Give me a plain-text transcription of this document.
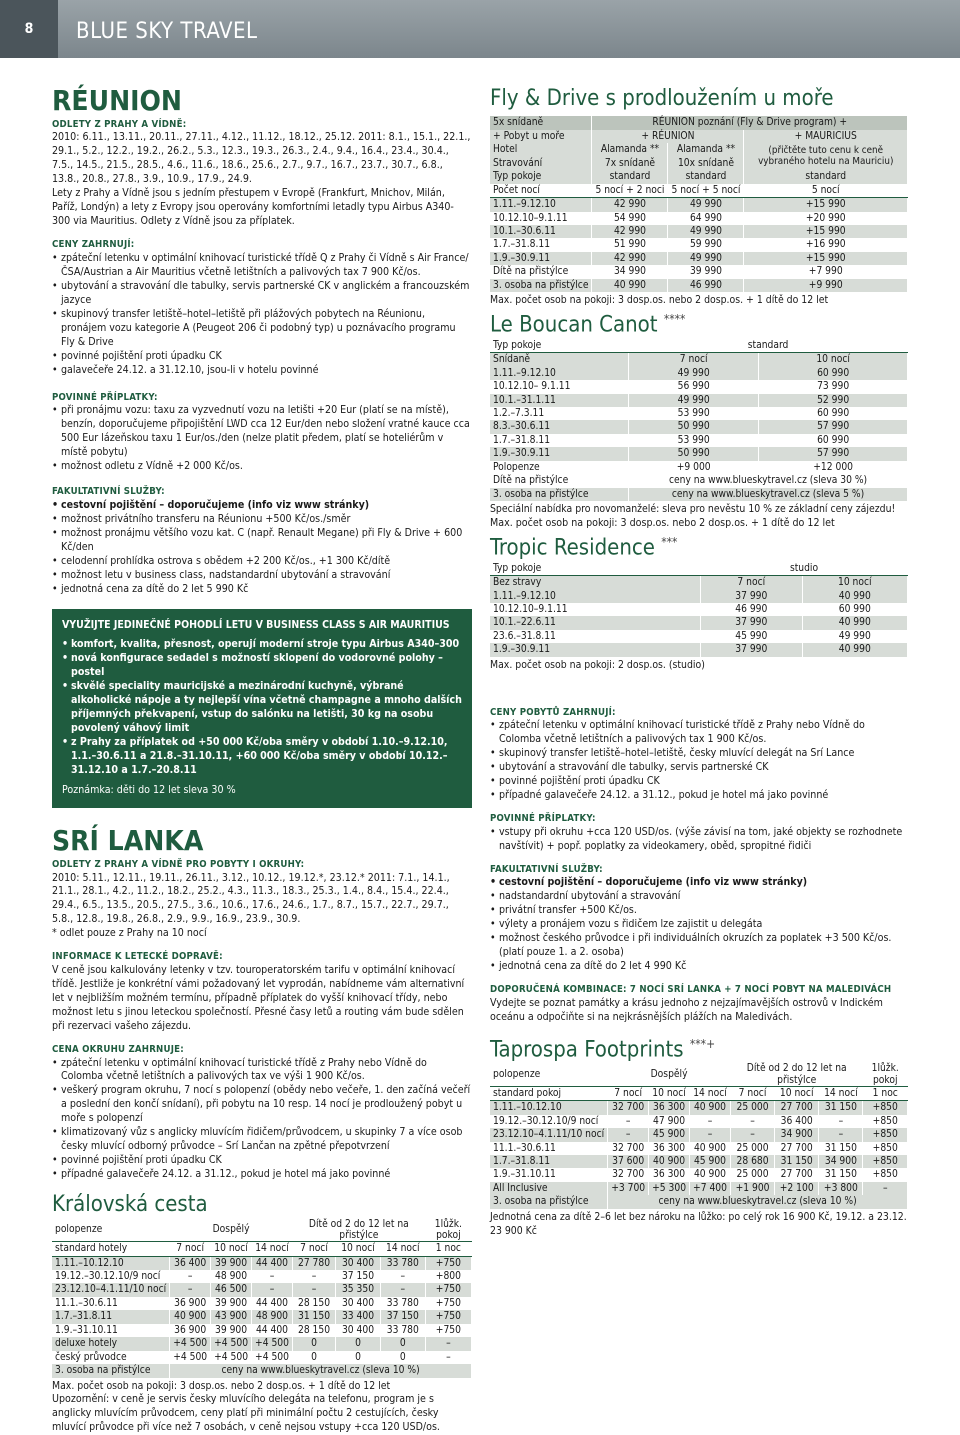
8	BLUE SKY TRAVEL
RÉUNION
ODLETY Z PRAHY A VÍDNĚ:

2010: 6.11., 13.11., 20.11., 27.11., 4.12., 11.12., 18.12., 25.12. 2011: 8.1., 15.1., 22.1., 29.1., 5.2., 12.2., 19.2., 26.2., 5.3., 12.3., 19.3., 26.3., 2.4., 9.4., 16.4., 23.4., 30.4., 7.5., 14.5., 21.5., 28.5., 4.6., 11.6., 18.6., 25.6., 2.7., 9.7., 16.7., 23.7., 30.7., 6.8., 13.8., 20.8., 27.8., 3.9., 10.9., 17.9., 24.9.

Lety z Prahy a Vídně jsou s jedním přestupem v Evropě (Frankfurt, Mnichov, Milán, Paříž, Londýn) a lety z Evropy jsou operovány komfortními letadly typu Airbus A340-300 via Mauritius. Odlety z Vídně jsou za příplatek.

CENY ZAHRNUJÍ:
• zpáteční letenku v optimální knihovací turistické třídě Q z Prahy či Vídně s Air France/ČSA/Austrian a Air Mauritius včetně letištních a palivových tax 7 900 Kč/os.
• ubytování a stravování dle tabulky, servis partnerské CK v anglickém a francouzském jazyce
• skupinový transfer letiště–hotel–letiště při plážových pobytech na Réunionu, pronájem vozu kategorie A (Peugeot 206 či podobný typ) u poznávacího programu Fly & Drive
• povinné pojištění proti úpadku CK
• galavečeře 24.12. a 31.12.10, jsou-li v hotelu povinné
POVINNÉ PŘÍPLATKY:
• při pronájmu vozu: taxu za vyzvednutí vozu na letišti +20 Eur (platí se na místě), benzín, doporučujeme připojištění LWD cca 12 Eur/den nebo složení vratné kauce cca 500 Eur lázeňskou taxu 1 Eur/os./den (nelze platit předem, platí se hoteliérům v místě pobytu)
• možnost odletu z Vídně +2 000 Kč/os.
FAKULTATIVNÍ SLUŽBY:
• cestovní pojištění – doporučujeme (info viz www stránky)
• možnost privátního transferu na Réunionu +500 Kč/os./směr
• možnost pronájmu většího vozu kat. C (např. Renault Megane) při Fly & Drive + 600 Kč/den
• celodenní prohlídka ostrova s obědem +2 200 Kč/os., +1 300 Kč/dítě
• možnost letu v business class, nadstandardní ubytování a stravování
• jednotná cena za dítě do 2 let 5 990 Kč
VYUŽIJTE JEDINEČNÉ POHODLÍ LETU V BUSINESS CLASS S AIR MAURITIUS
• komfort, kvalita, přesnost, operují moderní stroje typu Airbus A340–300
• nová konfigurace sedadel s možností sklopení do vodorovné polohy – postel
• skvělé speciality mauricijské a mezinárodní kuchyně, výbrané alkoholické nápoje a ty nejlepší vína včetně champagne a mnoho dalších příjemných překvapení, vstup do salónku na letišti, 30 kg na osobu povolený váhový limit
• z Prahy za příplatek od +50 000 Kč/oba směry v období 1.10.–9.12.10, 1.1.–30.6.11 a 21.8.–31.10.11, +60 000 Kč/oba směry v období 10.12.–31.12.10 a 1.7.–20.8.11
Poznámka: děti do 12 let sleva 30 %
SRÍ LANKA
ODLETY Z PRAHY A VÍDNĚ PRO POBYTY I OKRUHY:

2010: 5.11., 12.11., 19.11., 26.11., 3.12., 10.12., 19.12.*, 23.12.* 2011: 7.1., 14.1., 21.1., 28.1., 4.2., 11.2., 18.2., 25.2., 4.3., 11.3., 18.3., 25.3., 1.4., 8.4., 15.4., 22.4., 29.4., 6.5., 13.5., 20.5., 27.5., 3.6., 10.6., 17.6., 24.6., 1.7., 8.7., 15.7., 22.7., 29.7., 5.8., 12.8., 19.8., 26.8., 2.9., 9.9., 16.9., 23.9., 30.9.

* odlet pouze z Prahy na 10 nocí

INFORMACE K LETECKÉ DOPRAVĚ:

V ceně jsou kalkulovány letenky v tzv. touroperatorském tarifu v optimální knihovací třídě. Jestliže je konkrétní vámi požadovaný let vyprodán, nabídneme vám alternativní let v nejbližším možném termínu, případně příplatek do vyšší knihovací třídy, nebo možnost letu s jinou leteckou společností. Přesné časy letů a routing vám bude sdělen při rezervaci vašeho zájezdu.

CENA OKRUHU ZAHRNUJE:
• zpáteční letenku v optimální knihovací turistické třídě z Prahy nebo Vídně do Colomba včetně letištních a palivových tax ve výši 1 900 Kč/os.
• veškerý program okruhu, 7 nocí s polopenzí (obědy nebo večeře, 1. den začíná večeří a poslední den končí snídaní), při pobytu na 10 resp. 14 nocí je prodloužený pobyt u moře s polopenzí
• klimatizovaný vůz s anglicky mluvícím řidičem/průvodcem, u skupinky 7 a více osob česky mluvící odborný průvodce – Srí Lančan na zpětné přepotvrzení
• povinné pojištění proti úpadku CK
• případné galavečeře 24.12. a 31.12., pokud je hotel má jako povinné
Královská cesta
polopenze	Dospělý			Dítě od 2 do 12 let na přistýlce			1lůžk. pokoj
standard hotely	7 nocí	10 nocí	14 nocí	7 nocí	10 nocí	14 nocí	1 noc
1.11.–10.12.10	36 400	39 900	44 400	27 780	30 400	33 780	+750
19.12.–30.12.10/9 nocí	–	48 900	–	–	37 150	–	+800
23.12.10–4.1.11/10 nocí	–	46 500	–	–	35 350	–	+750
11.1.–30.6.11	36 900	39 900	44 400	28 150	30 400	33 780	+750
1.7.–31.8.11	40 900	43 900	48 900	31 150	33 400	37 150	+750
1.9.–31.10.11	36 900	39 900	44 400	28 150	30 400	33 780	+750
deluxe hotely	+4 500	+4 500	+4 500	0	0	0	–
český průvodce	+4 500	+4 500	+4 500	0	0	0	–
3. osoba na přistýlce	ceny na www.blueskytravel.cz (sleva 10 %)						

Max. počet osob na pokoji: 3 dosp.os. nebo 2 dosp.os. + 1 dítě do 12 let

Upozornění: v ceně je servis česky mluvícího delegáta na telefonu, program je s anglicky mluvícím průvodcem, ceny platí při minimální počtu 2 cestujících, česky mluvící průvodce při více než 7 osobách, v ceně nejsou vstupy +cca 120 USD/os.

Fly & Drive s prodloužením u moře
5x snídaně	RÉUNION poznání (Fly & Drive program) +		
+ Pobyt u moře	+ RÉUNION		+ MAURICIUS
Hotel	Alamanda **	Alamanda **	(přičtěte tuto cenu k ceně vybraného hotelu na Mauriciu)
Stravování	7x snídaně	10x snídaně	
Typ pokoje	standard	standard	standard
Počet nocí	5 nocí + 2 noci	5 nocí + 5 nocí	5 nocí
1.11.–9.12.10	42 990	49 990	+15 990
10.12.10–9.1.11	54 990	64 990	+20 990
10.1.–30.6.11	42 990	49 990	+15 990
1.7.–31.8.11	51 990	59 990	+16 990
1.9.–30.9.11	42 990	49 990	+15 990
Dítě na přistýlce	34 990	39 990	+7 990
3. osoba na přistýlce	40 990	46 990	+9 990

Max. počet osob na pokoji: 3 dosp.os. nebo 2 dosp.os. + 1 dítě do 12 let

Le Boucan Canot ****
Typ pokoje	standard	
Snídaně	7 nocí	10 nocí
1.11.–9.12.10	49 990	60 990
10.12.10– 9.1.11	56 990	73 990
10.1.–31.1.11	49 990	52 990
1.2.–7.3.11	53 990	60 990
8.3.–30.6.11	50 990	57 990
1.7.–31.8.11	53 990	60 990
1.9.–30.9.11	50 990	57 990
Polopenze	+9 000	+12 000
Dítě na přistýlce	ceny na www.blueskytravel.cz (sleva 30 %)	
3. osoba na přistýlce	ceny na www.blueskytravel.cz (sleva 5 %)	

Speciální nabídka pro novomanželé: sleva pro nevěstu 10 % ze základní ceny zájezdu!

Max. počet osob na pokoji: 3 dosp.os. nebo 2 dosp.os. + 1 dítě do 12 let

Tropic Residence ***
Typ pokoje	studio	
Bez stravy	7 nocí	10 nocí
1.11.–9.12.10	37 990	40 990
10.12.10–9.1.11	46 990	60 990
10.1.–22.6.11	37 990	40 990
23.6.–31.8.11	45 990	49 990
1.9.–30.9.11	37 990	40 990

Max. počet osob na pokoji: 2 dosp.os. (studio)

CENY POBYTŮ ZAHRNUJÍ:
• zpáteční letenku v optimální knihovací turistické třídě z Prahy nebo Vídně do Colomba včetně letištních a palivových tax 1 900 Kč/os.
• skupinový transfer letiště–hotel–letiště, česky mluvící delegát na Srí Lance
• ubytování a stravování dle tabulky, servis partnerské CK
• povinné pojištění proti úpadku CK
• případné galavečeře 24.12. a 31.12., pokud je hotel má jako povinné
POVINNÉ PŘÍPLATKY:
• vstupy při okruhu +cca 120 USD/os. (výše závisí na tom, jaké objekty se rozhodnete navštívit) + popř. poplatky za videokamery, oběd, spropitné řidiči
FAKULTATIVNÍ SLUŽBY:
• cestovní pojištění – doporučujeme (info viz www stránky)
• nadstandardní ubytování a stravování
• privátní transfer +500 Kč/os.
• výlety a pronájem vozu s řidičem lze zajistit u delegáta
• možnost českého průvodce i při individuálních okruzích za poplatek +3 500 Kč/os. (platí pouze 1. a 2. osoba)
• jednotná cena za dítě do 2 let 4 990 Kč
DOPORUČENÁ KOMBINACE: 7 NOCÍ SRÍ LANKA + 7 NOCÍ POBYT NA MALEDIVÁCH

Vydejte se poznat památky a krásu jednoho z nejzajímavějších ostrovů v Indickém oceánu a odpočiňte si na nejkrásnějších plážích na Maledivách.

Taprospa Footprints ***+
polopenze	Dospělý			Dítě od 2 do 12 let na přistýlce			1lůžk. pokoj
standard pokoj	7 nocí	10 nocí	14 nocí	7 nocí	10 nocí	14 nocí	1 noc
1.11.–10.12.10	32 700	36 300	40 900	25 000	27 700	31 150	+850
19.12.–30.12.10/9 nocí	–	47 900	–	–	36 400	–	+850
23.12.10–4.1.11/10 nocí	–	45 900	–	–	34 900	–	+850
11.1.–30.6.11	32 700	36 300	40 900	25 000	27 700	31 150	+850
1.7.–31.8.11	37 600	40 900	45 900	28 680	31 150	34 900	+850
1.9.–31.10.11	32 700	36 300	40 900	25 000	27 700	31 150	+850
All Inclusive	+3 700	+5 300	+7 400	+1 900	+2 100	+3 800	–
3. osoba na přistýlce	ceny na www.blueskytravel.cz (sleva 10 %)						

Jednotná cena za dítě 2–6 let bez nároku na lůžko: po celý rok 16 900 Kč, 19.12. a 23.12. 23 900 Kč
